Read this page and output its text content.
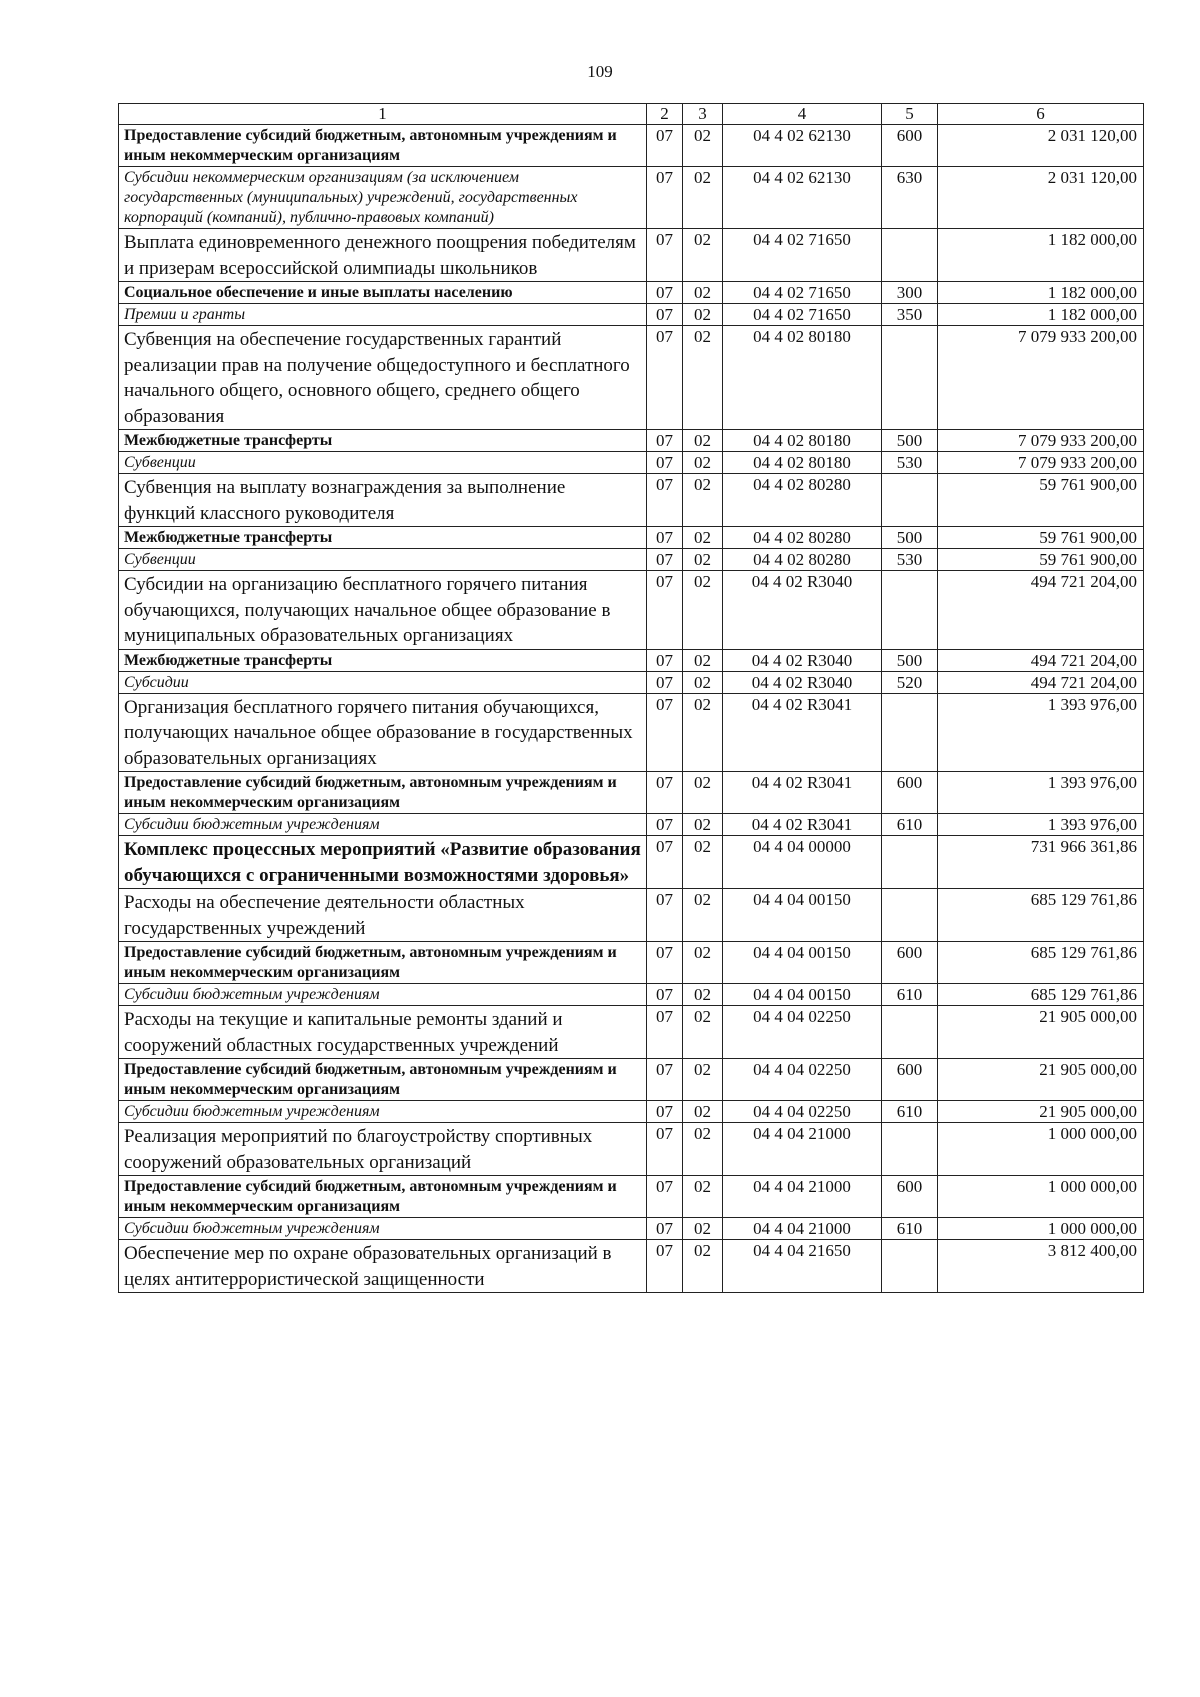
109
1	2	3	4	5	6
Предоставление субсидий бюджетным, автономным учреждениям и иным некоммерческим организациям	07	02	04 4 02 62130	600	2 031 120,00
Субсидии некоммерческим организациям (за исключением государственных (муниципальных) учреждений, государственных корпораций (компаний), публично-правовых компаний)	07	02	04 4 02 62130	630	2 031 120,00
Выплата единовременного денежного поощрения победителям и призерам всероссийской олимпиады школьников	07	02	04 4 02 71650		1 182 000,00
Социальное обеспечение и иные выплаты населению	07	02	04 4 02 71650	300	1 182 000,00
Премии и гранты	07	02	04 4 02 71650	350	1 182 000,00
Субвенция на обеспечение государственных гарантий реализации прав на получение общедоступного и бесплатного начального общего, основного общего, среднего общего образования	07	02	04 4 02 80180		7 079 933 200,00
Межбюджетные трансферты	07	02	04 4 02 80180	500	7 079 933 200,00
Субвенции	07	02	04 4 02 80180	530	7 079 933 200,00
Субвенция на выплату вознаграждения за выполнение функций классного руководителя	07	02	04 4 02 80280		59 761 900,00
Межбюджетные трансферты	07	02	04 4 02 80280	500	59 761 900,00
Субвенции	07	02	04 4 02 80280	530	59 761 900,00
Субсидии на организацию бесплатного горячего питания обучающихся, получающих начальное общее образование в муниципальных образовательных организациях	07	02	04 4 02 R3040		494 721 204,00
Межбюджетные трансферты	07	02	04 4 02 R3040	500	494 721 204,00
Субсидии	07	02	04 4 02 R3040	520	494 721 204,00
Организация бесплатного горячего питания обучающихся, получающих начальное общее образование в государственных образовательных организациях	07	02	04 4 02 R3041		1 393 976,00
Предоставление субсидий бюджетным, автономным учреждениям и иным некоммерческим организациям	07	02	04 4 02 R3041	600	1 393 976,00
Субсидии бюджетным учреждениям	07	02	04 4 02 R3041	610	1 393 976,00
Комплекс процессных мероприятий «Развитие образования обучающихся с ограниченными возможностями здоровья»	07	02	04 4 04 00000		731 966 361,86
Расходы на обеспечение деятельности областных государственных учреждений	07	02	04 4 04 00150		685 129 761,86
Предоставление субсидий бюджетным, автономным учреждениям и иным некоммерческим организациям	07	02	04 4 04 00150	600	685 129 761,86
Субсидии бюджетным учреждениям	07	02	04 4 04 00150	610	685 129 761,86
Расходы на текущие и капитальные ремонты зданий и сооружений областных государственных учреждений	07	02	04 4 04 02250		21 905 000,00
Предоставление субсидий бюджетным, автономным учреждениям и иным некоммерческим организациям	07	02	04 4 04 02250	600	21 905 000,00
Субсидии бюджетным учреждениям	07	02	04 4 04 02250	610	21 905 000,00
Реализация мероприятий по благоустройству спортивных сооружений образовательных организаций	07	02	04 4 04 21000		1 000 000,00
Предоставление субсидий бюджетным, автономным учреждениям и иным некоммерческим организациям	07	02	04 4 04 21000	600	1 000 000,00
Субсидии бюджетным учреждениям	07	02	04 4 04 21000	610	1 000 000,00
Обеспечение мер по охране образовательных организаций в целях антитеррористической защищенности	07	02	04 4 04 21650		3 812 400,00
